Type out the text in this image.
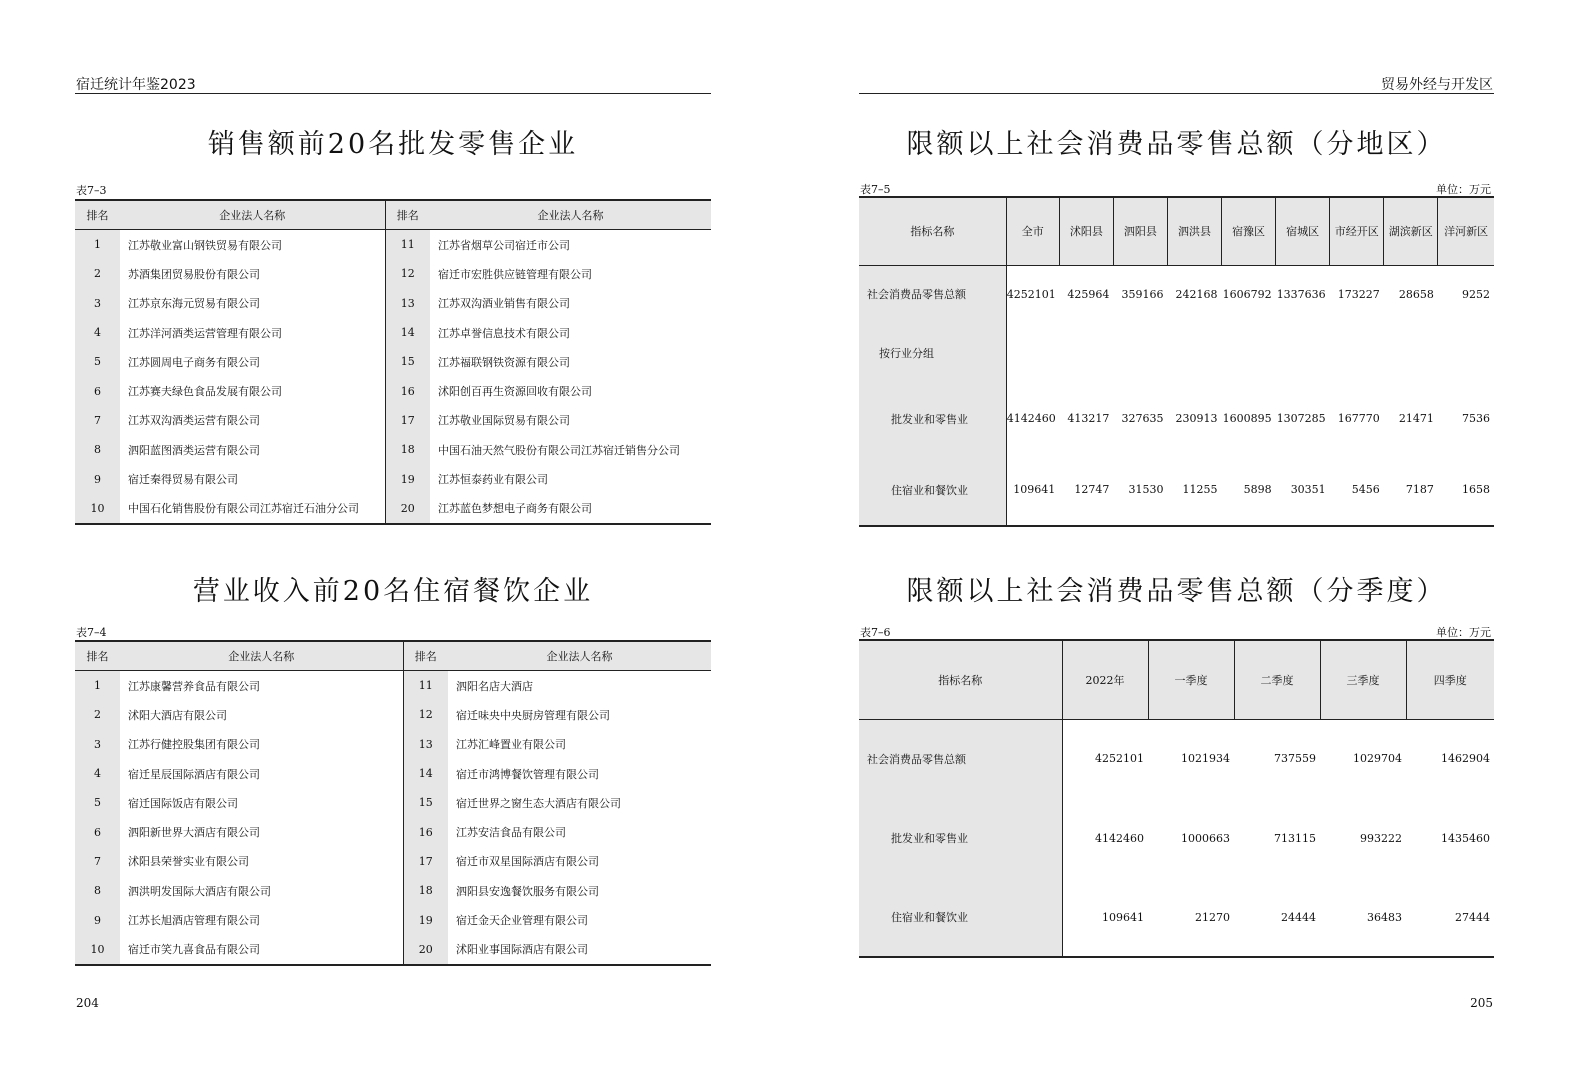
宿迁统计年鉴2023
销售额前20名批发零售企业
表7–3
排名	企业法人名称	排名	企业法人名称
1	江苏敬业富山钢铁贸易有限公司	11	江苏省烟草公司宿迁市公司
2	苏酒集团贸易股份有限公司	12	宿迁市宏胜供应链管理有限公司
3	江苏京东海元贸易有限公司	13	江苏双沟酒业销售有限公司
4	江苏洋河酒类运营管理有限公司	14	江苏卓誉信息技术有限公司
5	江苏圆周电子商务有限公司	15	江苏福联钢铁资源有限公司
6	江苏赛夫绿色食品发展有限公司	16	沭阳创百再生资源回收有限公司
7	江苏双沟酒类运营有限公司	17	江苏敬业国际贸易有限公司
8	泗阳蓝图酒类运营有限公司	18	中国石油天然气股份有限公司江苏宿迁销售分公司
9	宿迁秦得贸易有限公司	19	江苏恒泰药业有限公司
10	中国石化销售股份有限公司江苏宿迁石油分公司	20	江苏蓝色梦想电子商务有限公司
营业收入前20名住宿餐饮企业
表7–4
排名	企业法人名称	排名	企业法人名称
1	江苏康馨营养食品有限公司	11	泗阳名店大酒店
2	沭阳大酒店有限公司	12	宿迁味央中央厨房管理有限公司
3	江苏行健控股集团有限公司	13	江苏汇峰置业有限公司
4	宿迁星辰国际酒店有限公司	14	宿迁市鸿博餐饮管理有限公司
5	宿迁国际饭店有限公司	15	宿迁世界之窗生态大酒店有限公司
6	泗阳新世界大酒店有限公司	16	江苏安洁食品有限公司
7	沭阳县荣誉实业有限公司	17	宿迁市双星国际酒店有限公司
8	泗洪明发国际大酒店有限公司	18	泗阳县安逸餐饮服务有限公司
9	江苏长旭酒店管理有限公司	19	宿迁金天企业管理有限公司
10	宿迁市笑九喜食品有限公司	20	沭阳业事国际酒店有限公司
204
贸易外经与开发区
限额以上社会消费品零售总额（分地区）
表7–5	单位：万元
指标名称	全市	沭阳县	泗阳县	泗洪县	宿豫区	宿城区	市经开区	湖滨新区	洋河新区
社会消费品零售总额	4252101	425964	359166	242168	1606792	1337636	173227	28658	9252
按行业分组									
批发业和零售业	4142460	413217	327635	230913	1600895	1307285	167770	21471	7536
住宿业和餐饮业	109641	12747	31530	11255	5898	30351	5456	7187	1658
限额以上社会消费品零售总额（分季度）
表7–6	单位：万元
指标名称	2022年	一季度	二季度	三季度	四季度
社会消费品零售总额	4252101	1021934	737559	1029704	1462904
批发业和零售业	4142460	1000663	713115	993222	1435460
住宿业和餐饮业	109641	21270	24444	36483	27444
205
